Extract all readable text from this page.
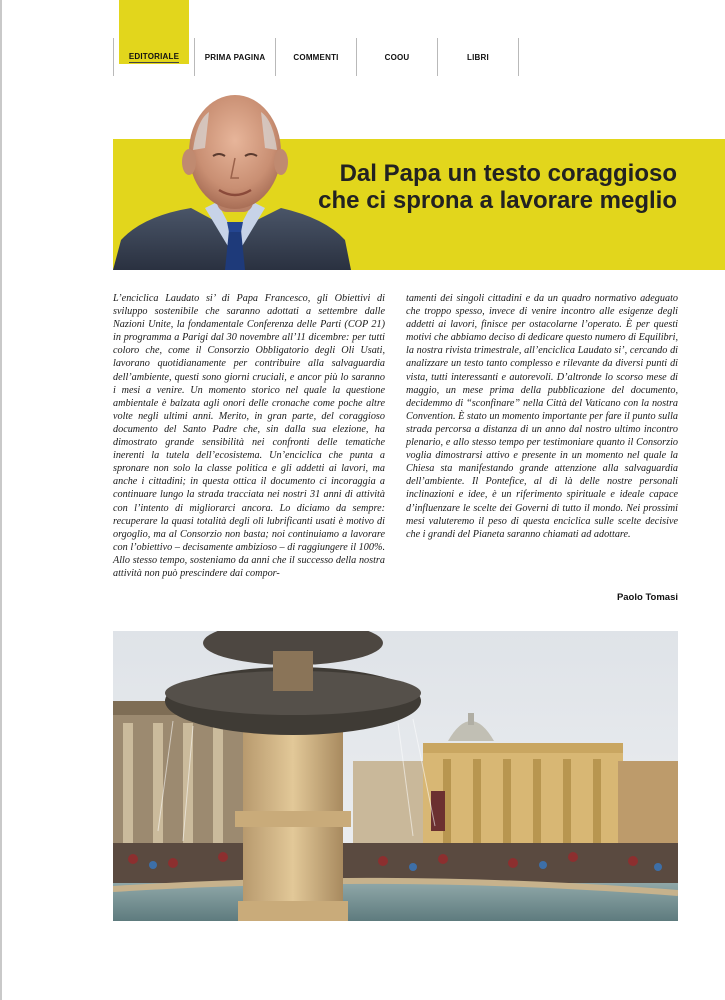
EDITORIALE	PRIMA PAGINA	COMMENTI	COOU	LIBRI
Dal Papa un testo coraggioso
che ci sprona a lavorare meglio
L’enciclica Laudato si’ di Papa Francesco, gli Obiettivi di sviluppo sostenibile che saranno adottati a settembre dalle Nazioni Unite, la fondamentale Conferenza delle Parti (COP 21) in programma a Parigi dal 30 novembre all’11 dicembre: per tutti coloro che, come il Consorzio Obbligatorio degli Oli Usati, lavorano quotidianamente per contribuire alla salvaguardia dell’ambiente, questi sono giorni cruciali, e ancor più lo saranno i mesi a venire. Un momento storico nel quale la questione ambientale è balzata agli onori delle cronache come poche altre volte negli ultimi anni. Merito, in gran parte, del coraggioso documento del Santo Padre che, sin dalla sua elezione, ha dimostrato grande sensibilità nei confronti delle tematiche inerenti la tutela dell’ecosistema. Un’enciclica che punta a spronare non solo la classe politica e gli addetti ai lavori, ma anche i cittadini; in questa ottica il documento ci incoraggia a continuare lungo la strada tracciata nei nostri 31 anni di attività con l’intento di migliorarci ancora. Lo diciamo da sempre: recuperare la quasi totalità degli oli lubrificanti usati è motivo di orgoglio, ma al Consorzio non basta; noi continuiamo a lavorare con l’obiettivo – decisamente ambizioso – di raggiungere il 100%. Allo stesso tempo, sosteniamo da anni che il successo della nostra attività non può prescindere dai compor-
tamenti dei singoli cittadini e da un quadro normativo adeguato che troppo spesso, invece di venire incontro alle esigenze degli addetti ai lavori, finisce per ostacolarne l’operato. È per questi motivi che abbiamo deciso di dedicare questo numero di Equilibri, la nostra rivista trimestrale, all’enciclica Laudato si’, cercando di analizzare un testo tanto complesso e rilevante da diversi punti di vista, tutti interessanti e autorevoli. D’altronde lo scorso mese di maggio, un mese prima della pubblicazione del documento, decidemmo di “sconfinare” nella Città del Vaticano con la nostra Convention. È stato un momento importante per fare il punto sulla strada percorsa a distanza di un anno dal nostro ultimo incontro plenario, e allo stesso tempo per testimoniare quanto il Consorzio voglia dimostrarsi attivo e presente in un momento nel quale la Chiesa sta manifestando grande attenzione alla salvaguardia dell’ambiente. Il Pontefice, al di là delle nostre personali inclinazioni e idee, è un riferimento spirituale e ideale capace d’influenzare le scelte dei Governi di tutto il mondo. Nei prossimi mesi valuteremo il peso di questa enciclica sulle scelte decisive che i grandi del Pianeta saranno chiamati ad adottare.
Paolo Tomasi
